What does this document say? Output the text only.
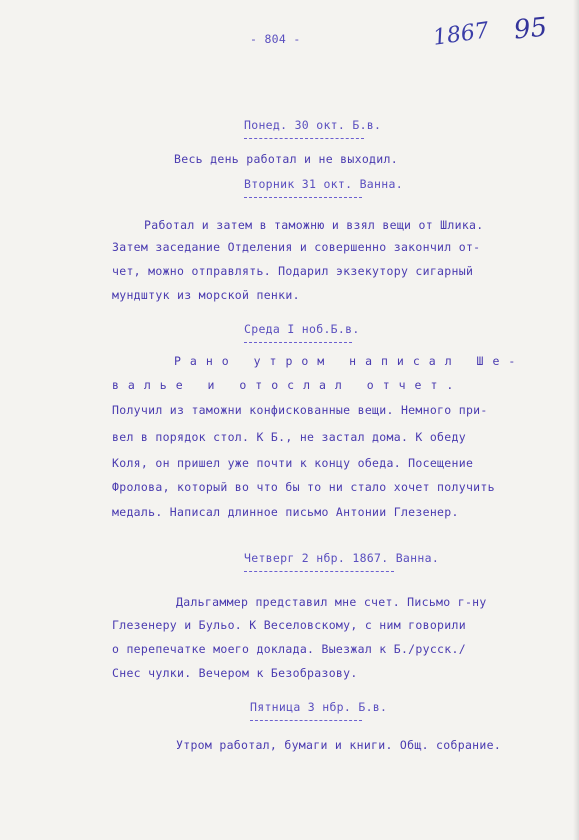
- 804 -	1867 95
Понед. 30 окт. Б.в.
Весь день работал и не выходил.
Вторник 31 окт. Ванна.
Работал и затем в таможню и взял вещи от Шлика.
Затем заседание Отделения и совершенно закончил от-
чет, можно отправлять. Подарил экзекутору сигарный
мундштук из морской пенки.
Среда I ноб.Б.в.
Рано утром написал Ше-
валье и отослал отчет.
Получил из таможни конфискованные вещи. Немного при-
вел в порядок стол. К Б., не застал дома. К обеду
Коля, он пришел уже почти к концу обеда. Посещение
Фролова, который во что бы то ни стало хочет получить
медаль. Написал длинное письмо Антонии Глезенер.
Четверг 2 нбр. 1867. Ванна.
Дальгаммер представил мне счет. Письмо г-ну
Глезенеру и Бульо. К Веселовскому, с ним говорили
о перепечатке моего доклада. Выезжал к Б./русск./
Снес чулки. Вечером к Безобразову.
Пятница 3 нбр. Б.в.
Утром работал, бумаги и книги. Общ. собрание.
